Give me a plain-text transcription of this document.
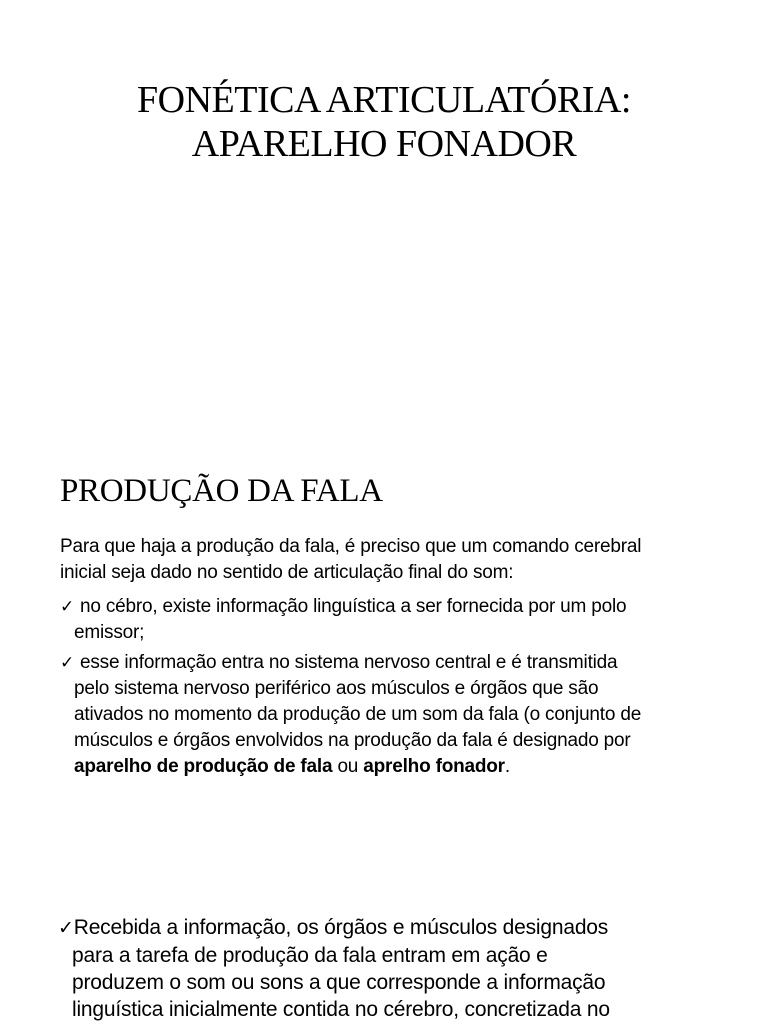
FONÉTICA ARTICULATÓRIA:
APARELHO FONADOR
PRODUÇÃO DA FALA
Para que haja a produção da fala, é preciso que um comando cerebral
inicial seja dado no sentido de articulação final do som:
✓ no cébro, existe informação linguística a ser fornecida por um polo
emissor;
✓ esse informação entra no sistema nervoso central e é transmitida
pelo sistema nervoso periférico aos músculos e órgãos que são
ativados no momento da produção de um som da fala (o conjunto de
músculos e órgãos envolvidos na produção da fala é designado por
aparelho de produção de fala ou aprelho fonador.
✓Recebida a informação, os órgãos e músculos designados
para a tarefa de produção da fala entram em ação e
produzem o som ou sons a que corresponde a informação
linguística inicialmente contida no cérebro, concretizada no
